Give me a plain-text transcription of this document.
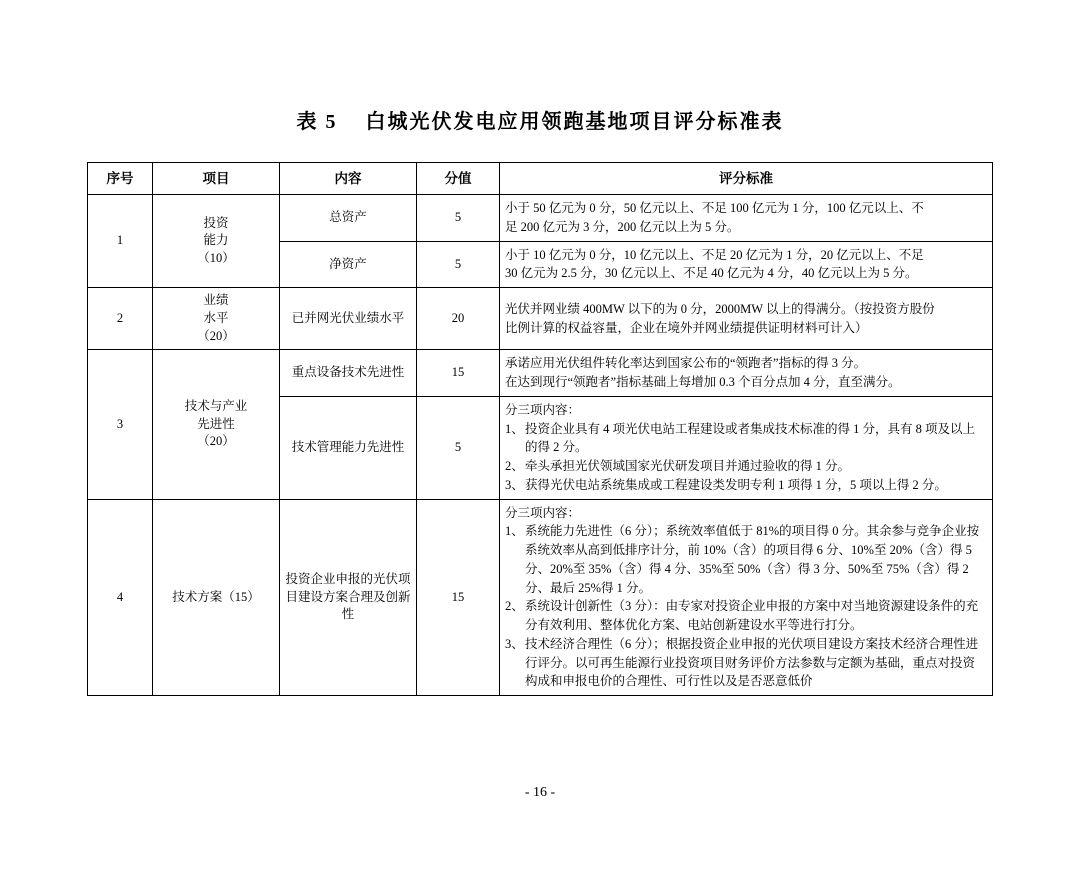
表 5 白城光伏发电应用领跑基地项目评分标准表
序号	项目	内容	分值	评分标准
1	投资
能力
（10）	总资产	5	小于 50 亿元为 0 分，50 亿元以上、不足 100 亿元为 1 分，100 亿元以上、不
足 200 亿元为 3 分，200 亿元以上为 5 分。

		净资产	5	小于 10 亿元为 0 分，10 亿元以上、不足 20 亿元为 1 分，20 亿元以上、不足
30 亿元为 2.5 分，30 亿元以上、不足 40 亿元为 4 分，40 亿元以上为 5 分。

2	业绩
水平
（20）	已并网光伏业绩水平	20	光伏并网业绩 400MW 以下的为 0 分，2000MW 以上的得满分。（按投资方股份
比例计算的权益容量，企业在境外并网业绩提供证明材料可计入）

3	技术与产业
先进性
（20）	重点设备技术先进性	15	承诺应用光伏组件转化率达到国家公布的“领跑者”指标的得 3 分。
在达到现行“领跑者”指标基础上每增加 0.3 个百分点加 4 分，直至满分。

技术管理能力先进性	5	
分三项内容：
1、 投资企业具有 4 项光伏电站工程建设或者集成技术标准的得 1 分，具有 8 项及以上的得 2 分。
2、 牵头承担光伏领域国家光伏研发项目并通过验收的得 1 分。
3、 获得光伏电站系统集成或工程建设类发明专利 1 项得 1 分，5 项以上得 2 分。

4	技术方案（15）
	投资企业申报的光伏项目建设方案合理及创新性	15	
分三项内容：
1、 系统能力先进性（6 分）；系统效率值低于 81%的项目得 0 分。其余参与竞争企业按系统效率从高到低排序计分，前 10%（含）的项目得 6 分、10%至 20%（含）得 5 分、20%至 35%（含）得 4 分、35%至 50%（含）得 3 分、50%至 75%（含）得 2 分、最后 25%得 1 分。
2、 系统设计创新性（3 分）：由专家对投资企业申报的方案中对当地资源建设条件的充分有效利用、整体优化方案、电站创新建设水平等进行打分。
3、 技术经济合理性（6 分）；根据投资企业申报的光伏项目建设方案技术经济合理性进行评分。以可再生能源行业投资项目财务评价方法参数与定额为基础，重点对投资构成和申报电价的合理性、可行性以及是否恶意低价
- 16 -
